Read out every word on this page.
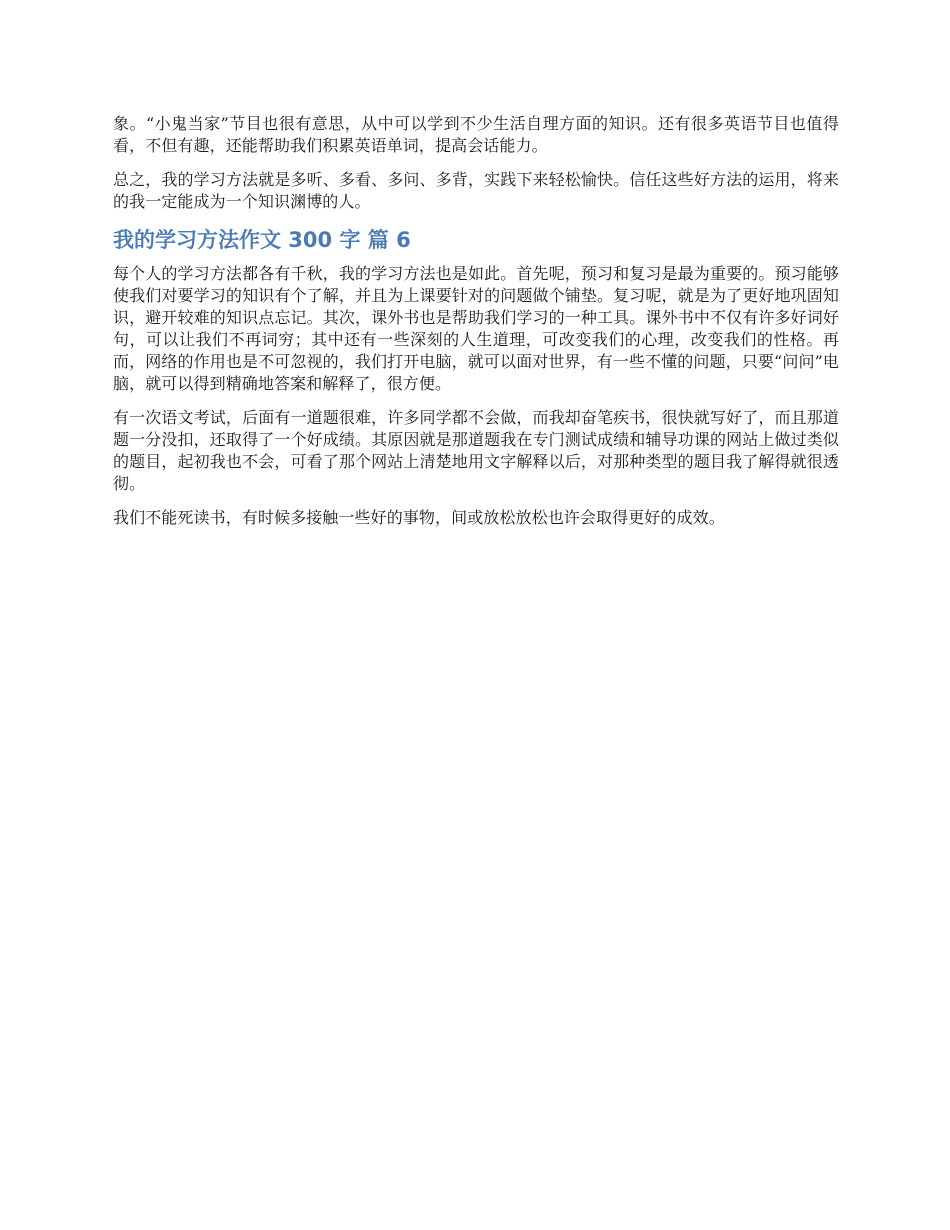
象。“小鬼当家”节目也很有意思，从中可以学到不少生活自理方面的知识。还有很多英语节目也值得看，不但有趣，还能帮助我们积累英语单词，提高会话能力。

总之，我的学习方法就是多听、多看、多问、多背，实践下来轻松愉快。信任这些好方法的运用，将来的我一定能成为一个知识渊博的人。

我的学习方法作文 300 字 篇 6

每个人的学习方法都各有千秋，我的学习方法也是如此。首先呢，预习和复习是最为重要的。预习能够使我们对要学习的知识有个了解，并且为上课要针对的问题做个铺垫。复习呢，就是为了更好地巩固知识，避开较难的知识点忘记。其次，课外书也是帮助我们学习的一种工具。课外书中不仅有许多好词好句，可以让我们不再词穷；其中还有一些深刻的人生道理，可改变我们的心理，改变我们的性格。再而，网络的作用也是不可忽视的，我们打开电脑，就可以面对世界，有一些不懂的问题，只要“问问”电脑，就可以得到精确地答案和解释了，很方便。

有一次语文考试，后面有一道题很难，许多同学都不会做，而我却奋笔疾书，很快就写好了，而且那道题一分没扣，还取得了一个好成绩。其原因就是那道题我在专门测试成绩和辅导功课的网站上做过类似的题目，起初我也不会，可看了那个网站上清楚地用文字解释以后，对那种类型的题目我了解得就很透彻。

我们不能死读书，有时候多接触一些好的事物，间或放松放松也许会取得更好的成效。
